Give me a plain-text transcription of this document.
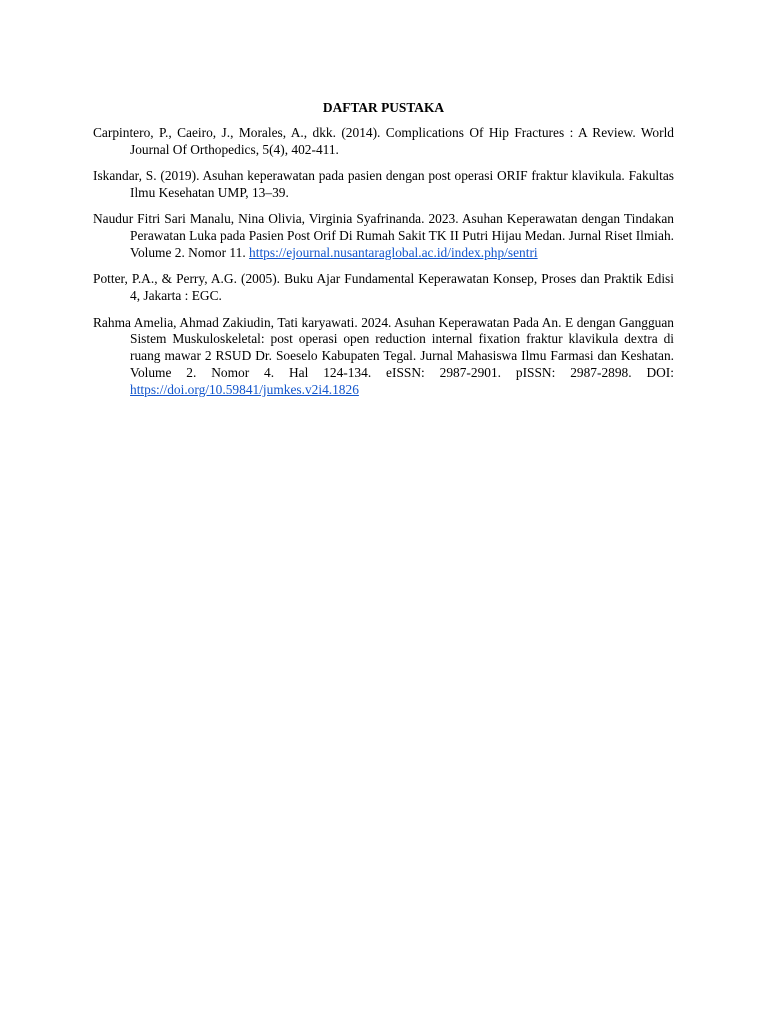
DAFTAR PUSTAKA

Carpintero, P., Caeiro, J., Morales, A., dkk. (2014). Complications Of Hip Fractures : A Review. World Journal Of Orthopedics, 5(4), 402-411.

Iskandar, S. (2019). Asuhan keperawatan pada pasien dengan post operasi ORIF fraktur klavikula. Fakultas Ilmu Kesehatan UMP, 13–39.

Naudur Fitri Sari Manalu, Nina Olivia, Virginia Syafrinanda. 2023. Asuhan Keperawatan dengan Tindakan Perawatan Luka pada Pasien Post Orif Di Rumah Sakit TK II Putri Hijau Medan. Jurnal Riset Ilmiah. Volume 2. Nomor 11. https://ejournal.nusantaraglobal.ac.id/index.php/sentri

Potter, P.A., & Perry, A.G. (2005). Buku Ajar Fundamental Keperawatan Konsep, Proses dan Praktik Edisi 4, Jakarta : EGC.

Rahma Amelia, Ahmad Zakiudin, Tati karyawati. 2024. Asuhan Keperawatan Pada An. E dengan Gangguan Sistem Muskuloskeletal: post operasi open reduction internal fixation fraktur klavikula dextra di ruang mawar 2 RSUD Dr. Soeselo Kabupaten Tegal. Jurnal Mahasiswa Ilmu Farmasi dan Keshatan. Volume 2. Nomor 4. Hal 124-134. eISSN: 2987-2901. pISSN: 2987-2898. DOI: https://doi.org/10.59841/jumkes.v2i4.1826
